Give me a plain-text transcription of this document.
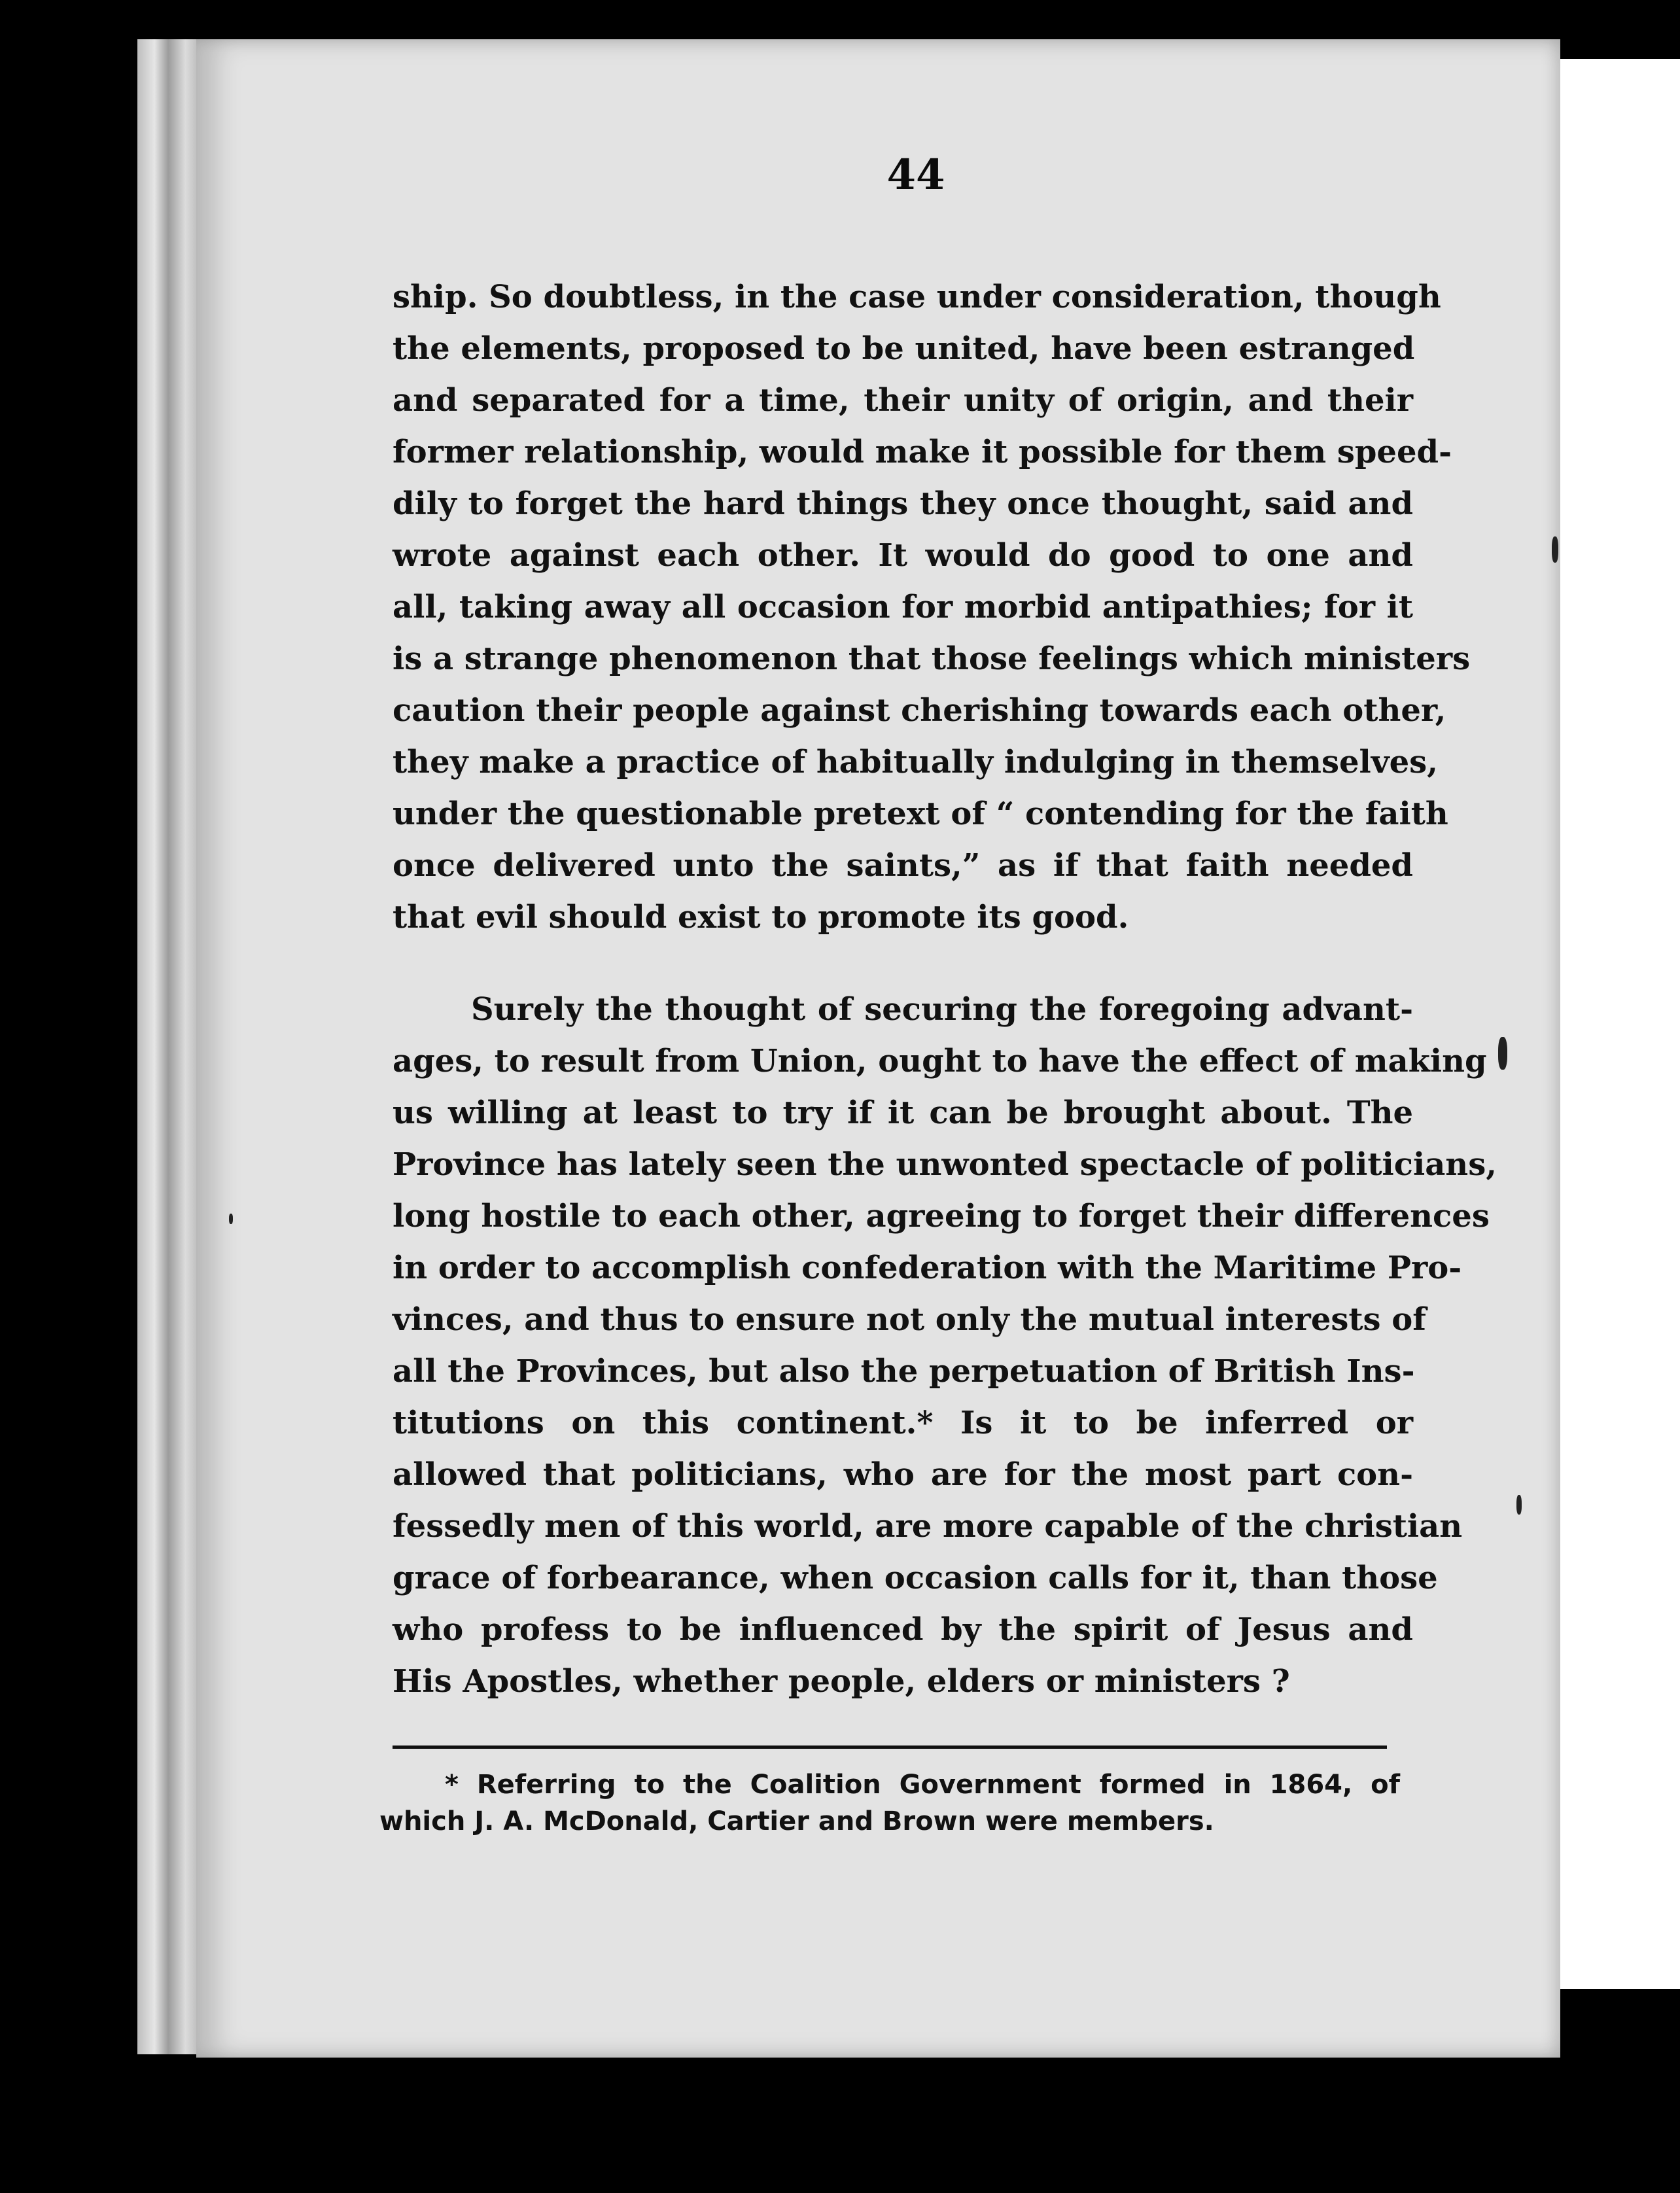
44

ship. So doubtless, in the case under consideration, though
the elements, proposed to be united, have been estranged
and separated for a time, their unity of origin, and their
former relationship, would make it possible for them speed-
dily to forget the hard things they once thought, said and
wrote against each other. It would do good to one and
all, taking away all occasion for morbid antipathies; for it
is a strange phenomenon that those feelings which ministers
caution their people against cherishing towards each other,
they make a practice of habitually indulging in themselves,
under the questionable pretext of “ contending for the faith
once delivered unto the saints,” as if that faith needed
that evil should exist to promote its good.

Surely the thought of securing the foregoing advant-
ages, to result from Union, ought to have the effect of making
us willing at least to try if it can be brought about. The
Province has lately seen the unwonted spectacle of politicians,
long hostile to each other, agreeing to forget their differences
in order to accomplish confederation with the Maritime Pro-
vinces, and thus to ensure not only the mutual interests of
all the Provinces, but also the perpetuation of British Ins-
titutions on this continent.* Is it to be inferred or
allowed that politicians, who are for the most part con-
fessedly men of this world, are more capable of the christian
grace of forbearance, when occasion calls for it, than those
who profess to be influenced by the spirit of Jesus and
His Apostles, whether people, elders or ministers ?

* Referring to the Coalition Government formed in 1864, of
which J. A. McDonald, Cartier and Brown were members.
